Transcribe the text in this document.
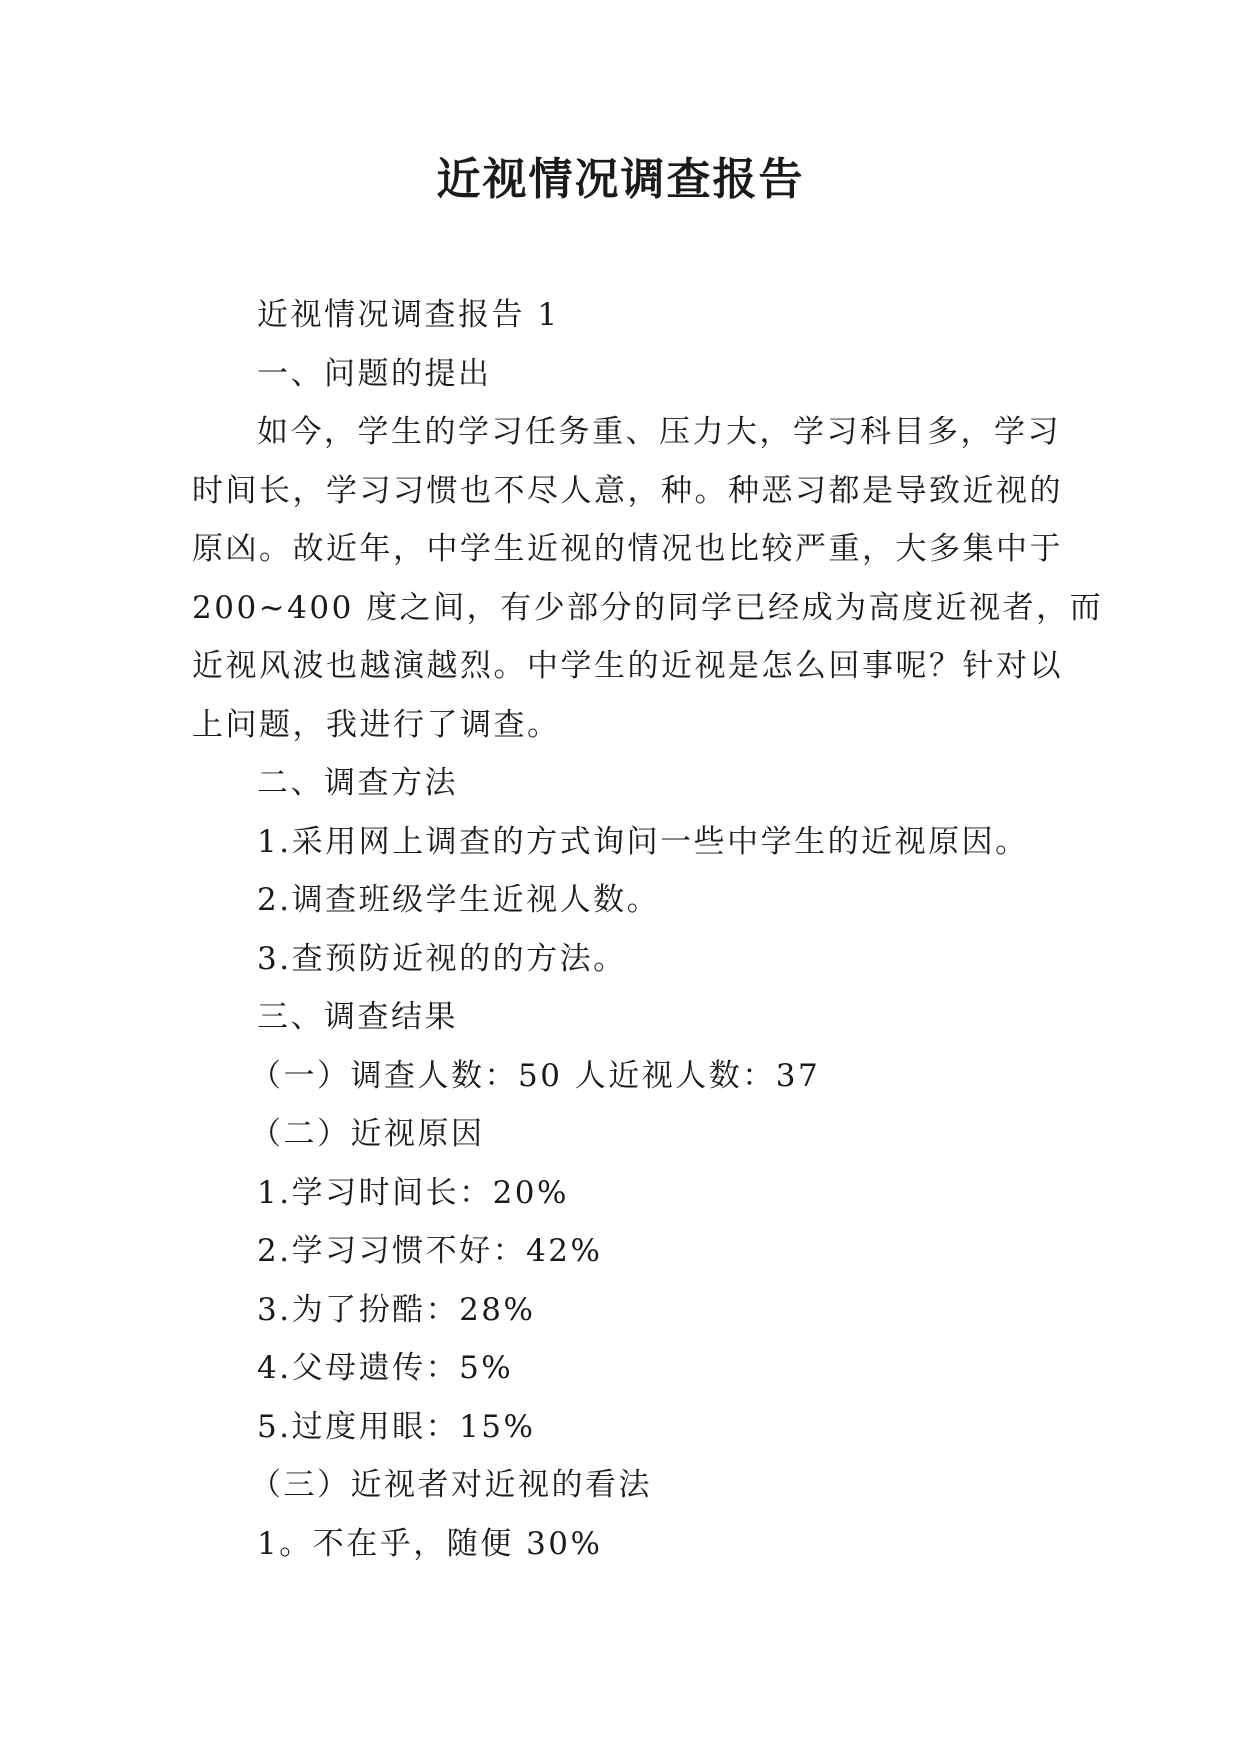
近视情况调查报告

近视情况调查报告 1

一、问题的提出

如今，学生的学习任务重、压力大，学习科目多，学习

时间长，学习习惯也不尽人意，种。种恶习都是导致近视的

原凶。故近年，中学生近视的情况也比较严重，大多集中于

200~400 度之间，有少部分的同学已经成为高度近视者，而

近视风波也越演越烈。中学生的近视是怎么回事呢？针对以

上问题，我进行了调查。

二、调查方法

1.采用网上调查的方式询问一些中学生的近视原因。

2.调查班级学生近视人数。

3.查预防近视的的方法。

三、调查结果

（一）调查人数：50 人近视人数：37

（二）近视原因

1.学习时间长：20%

2.学习习惯不好：42%

3.为了扮酷：28%

4.父母遗传：5%

5.过度用眼：15%

（三）近视者对近视的看法

1。不在乎，随便 30%
